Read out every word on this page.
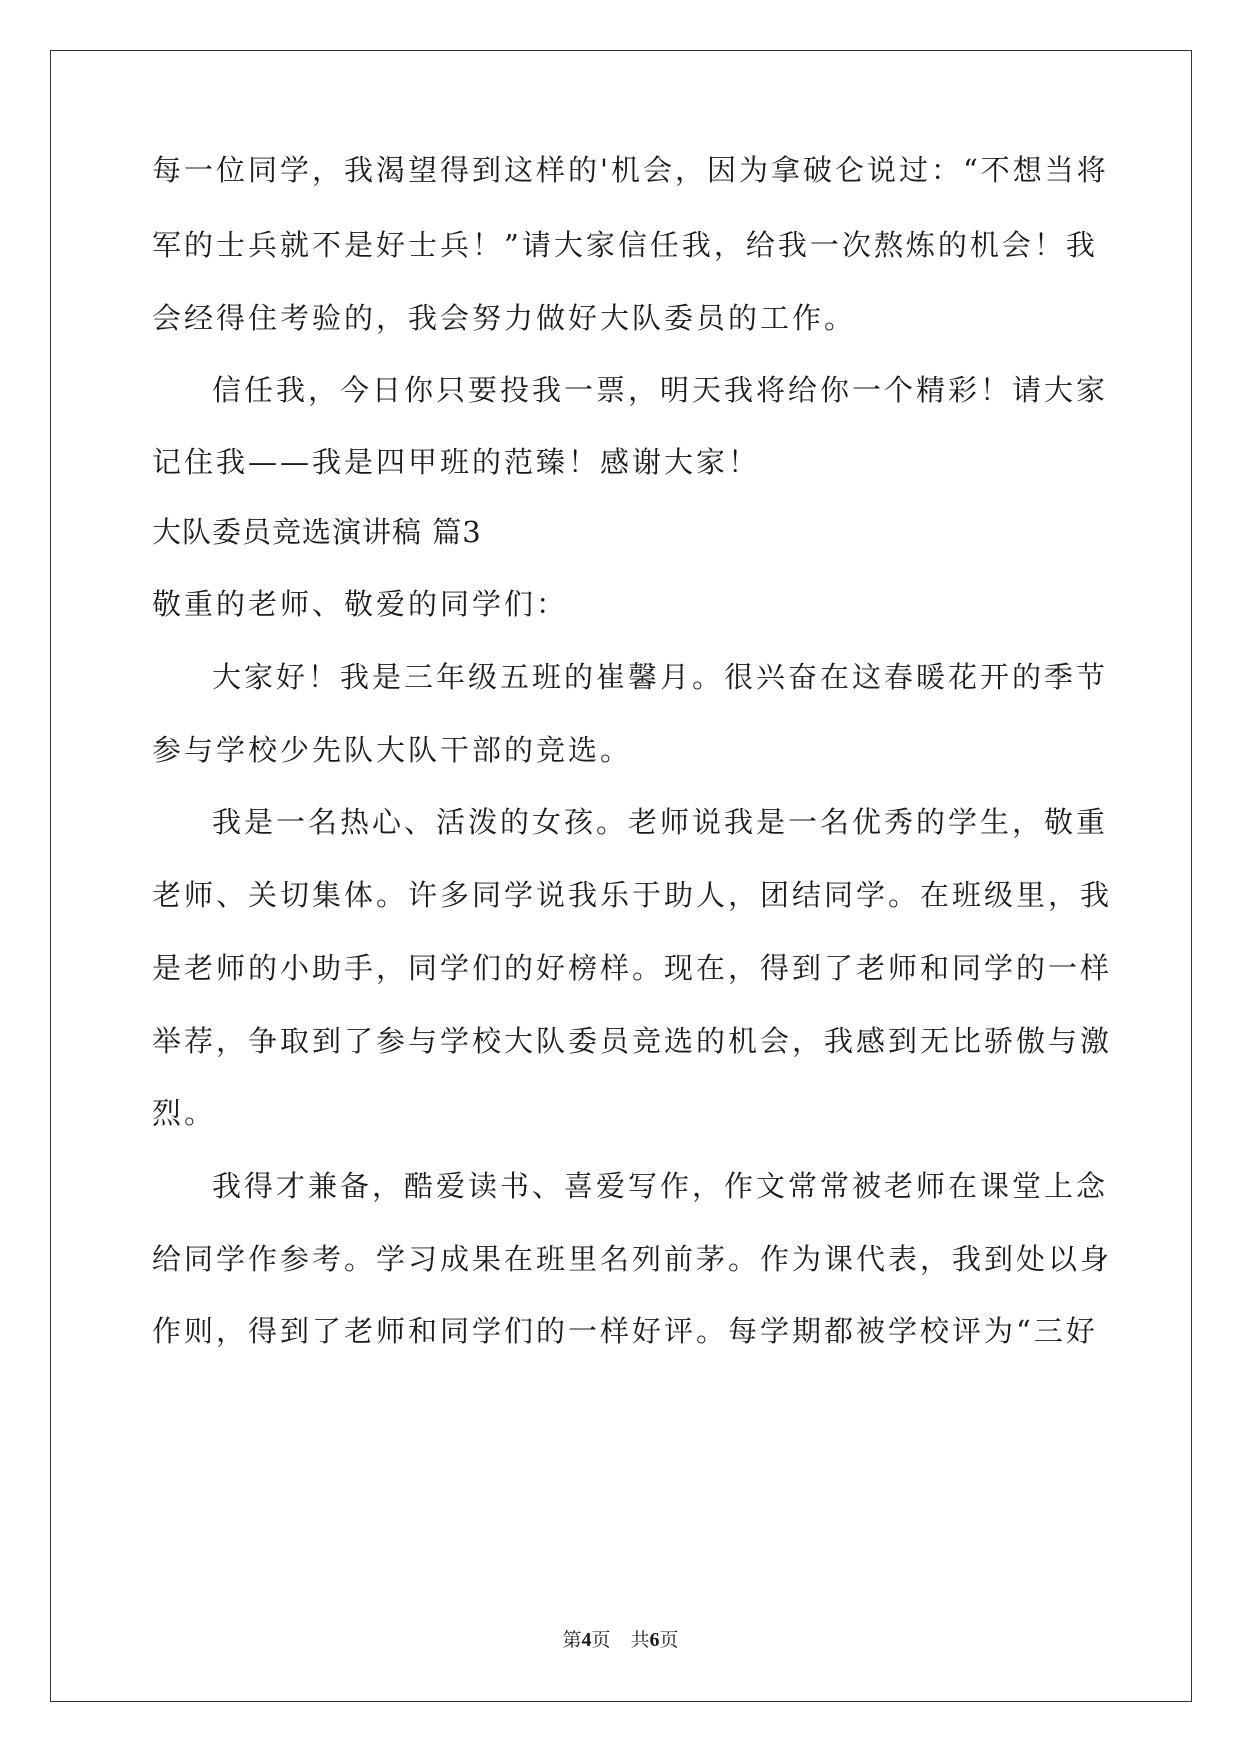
每一位同学，我渴望得到这样的'机会，因为拿破仑说过：“不想当将
军的士兵就不是好士兵！”请大家信任我，给我一次熬炼的机会！我
会经得住考验的，我会努力做好大队委员的工作。
信任我，今日你只要投我一票，明天我将给你一个精彩！请大家
记住我——我是四甲班的范臻！感谢大家！
大队委员竞选演讲稿 篇3
敬重的老师、敬爱的同学们：
大家好！我是三年级五班的崔馨月。很兴奋在这春暖花开的季节
参与学校少先队大队干部的竞选。
我是一名热心、活泼的女孩。老师说我是一名优秀的学生，敬重
老师、关切集体。许多同学说我乐于助人，团结同学。在班级里，我
是老师的小助手，同学们的好榜样。现在，得到了老师和同学的一样
举荐，争取到了参与学校大队委员竞选的机会，我感到无比骄傲与激
烈。
我得才兼备，酷爱读书、喜爱写作，作文常常被老师在课堂上念
给同学作参考。学习成果在班里名列前茅。作为课代表，我到处以身
作则，得到了老师和同学们的一样好评。每学期都被学校评为“三好
第4页 共6页
